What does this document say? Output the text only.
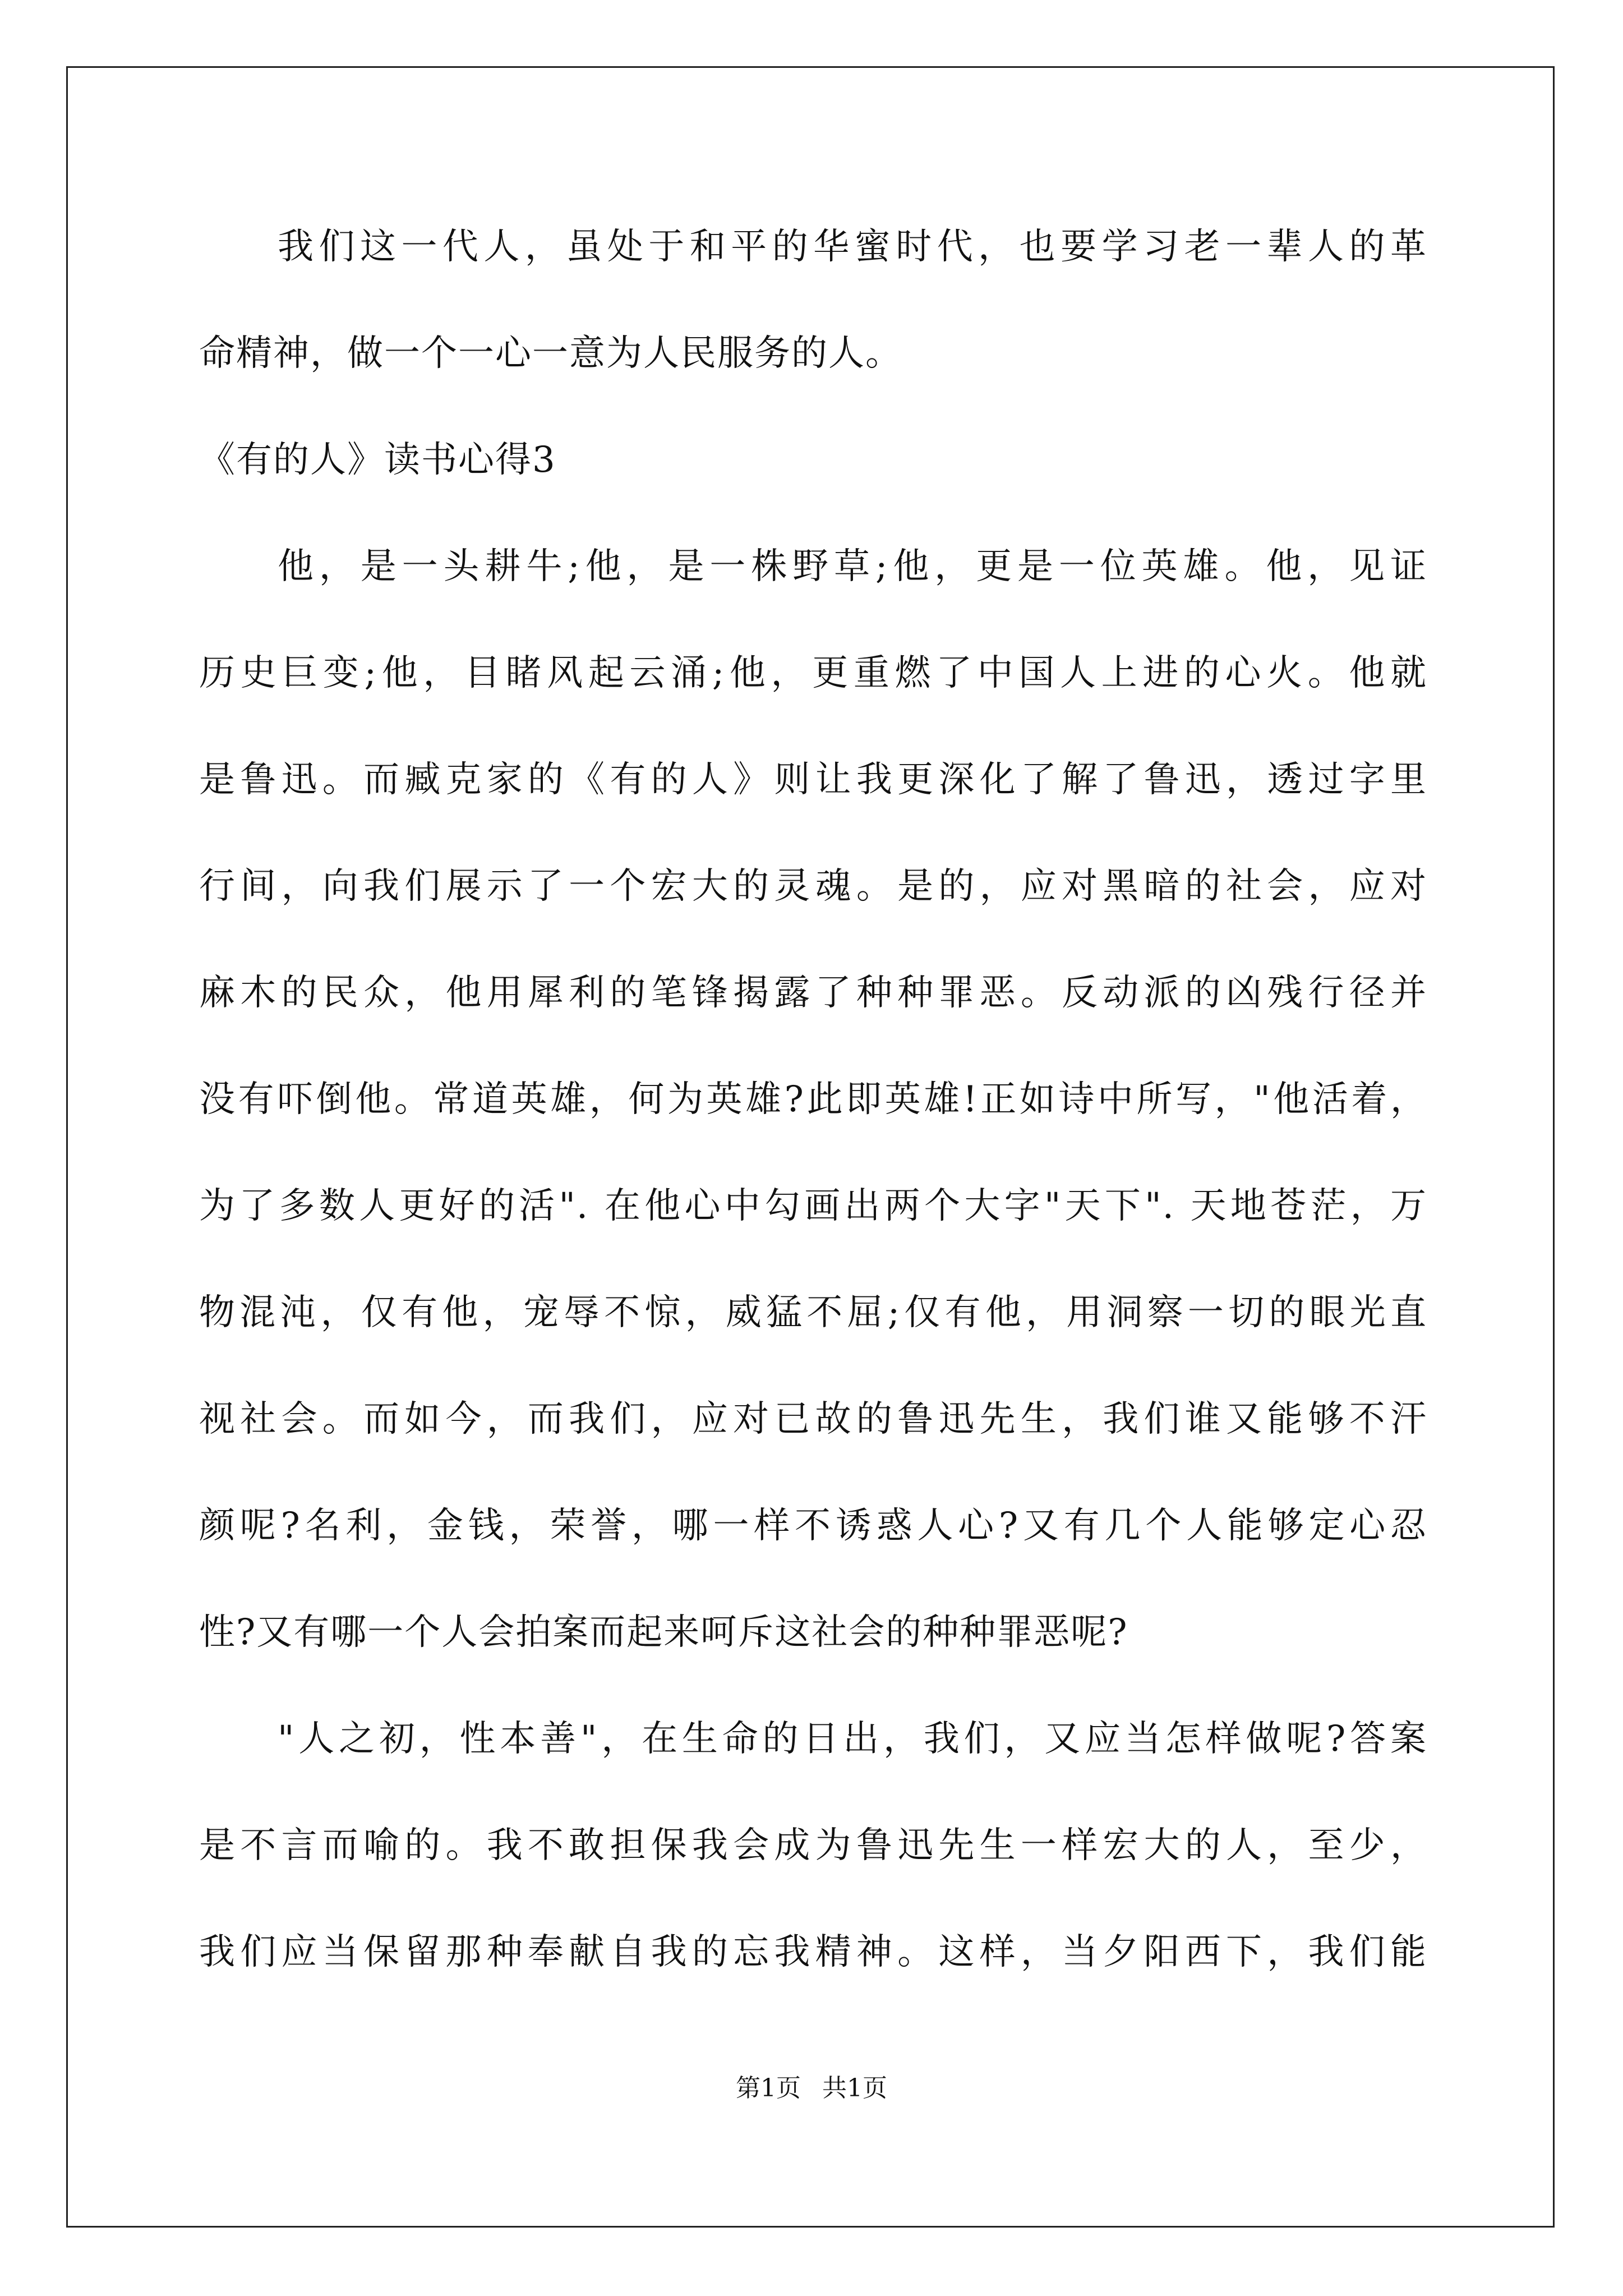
我们这一代人，虽处于和平的华蜜时代，也要学习老一辈人的革
命精神，做一个一心一意为人民服务的人。
《有的人》读书心得3
他，是一头耕牛;他，是一株野草;他，更是一位英雄。他，见证
历史巨变;他，目睹风起云涌;他，更重燃了中国人上进的心火。他就
是鲁迅。而臧克家的《有的人》则让我更深化了解了鲁迅，透过字里
行间，向我们展示了一个宏大的灵魂。是的，应对黑暗的社会，应对
麻木的民众，他用犀利的笔锋揭露了种种罪恶。反动派的凶残行径并
没有吓倒他。常道英雄，何为英雄?此即英雄!正如诗中所写，"他活着，
为了多数人更好的活". 在他心中勾画出两个大字"天下". 天地苍茫，万
物混沌，仅有他，宠辱不惊，威猛不屈;仅有他，用洞察一切的眼光直
视社会。而如今，而我们，应对已故的鲁迅先生，我们谁又能够不汗
颜呢?名利，金钱，荣誉，哪一样不诱惑人心?又有几个人能够定心忍
性?又有哪一个人会拍案而起来呵斥这社会的种种罪恶呢?
"人之初，性本善"，在生命的日出，我们，又应当怎样做呢?答案
是不言而喻的。我不敢担保我会成为鲁迅先生一样宏大的人，至少，
我们应当保留那种奉献自我的忘我精神。这样，当夕阳西下，我们能
第1页 共1页
